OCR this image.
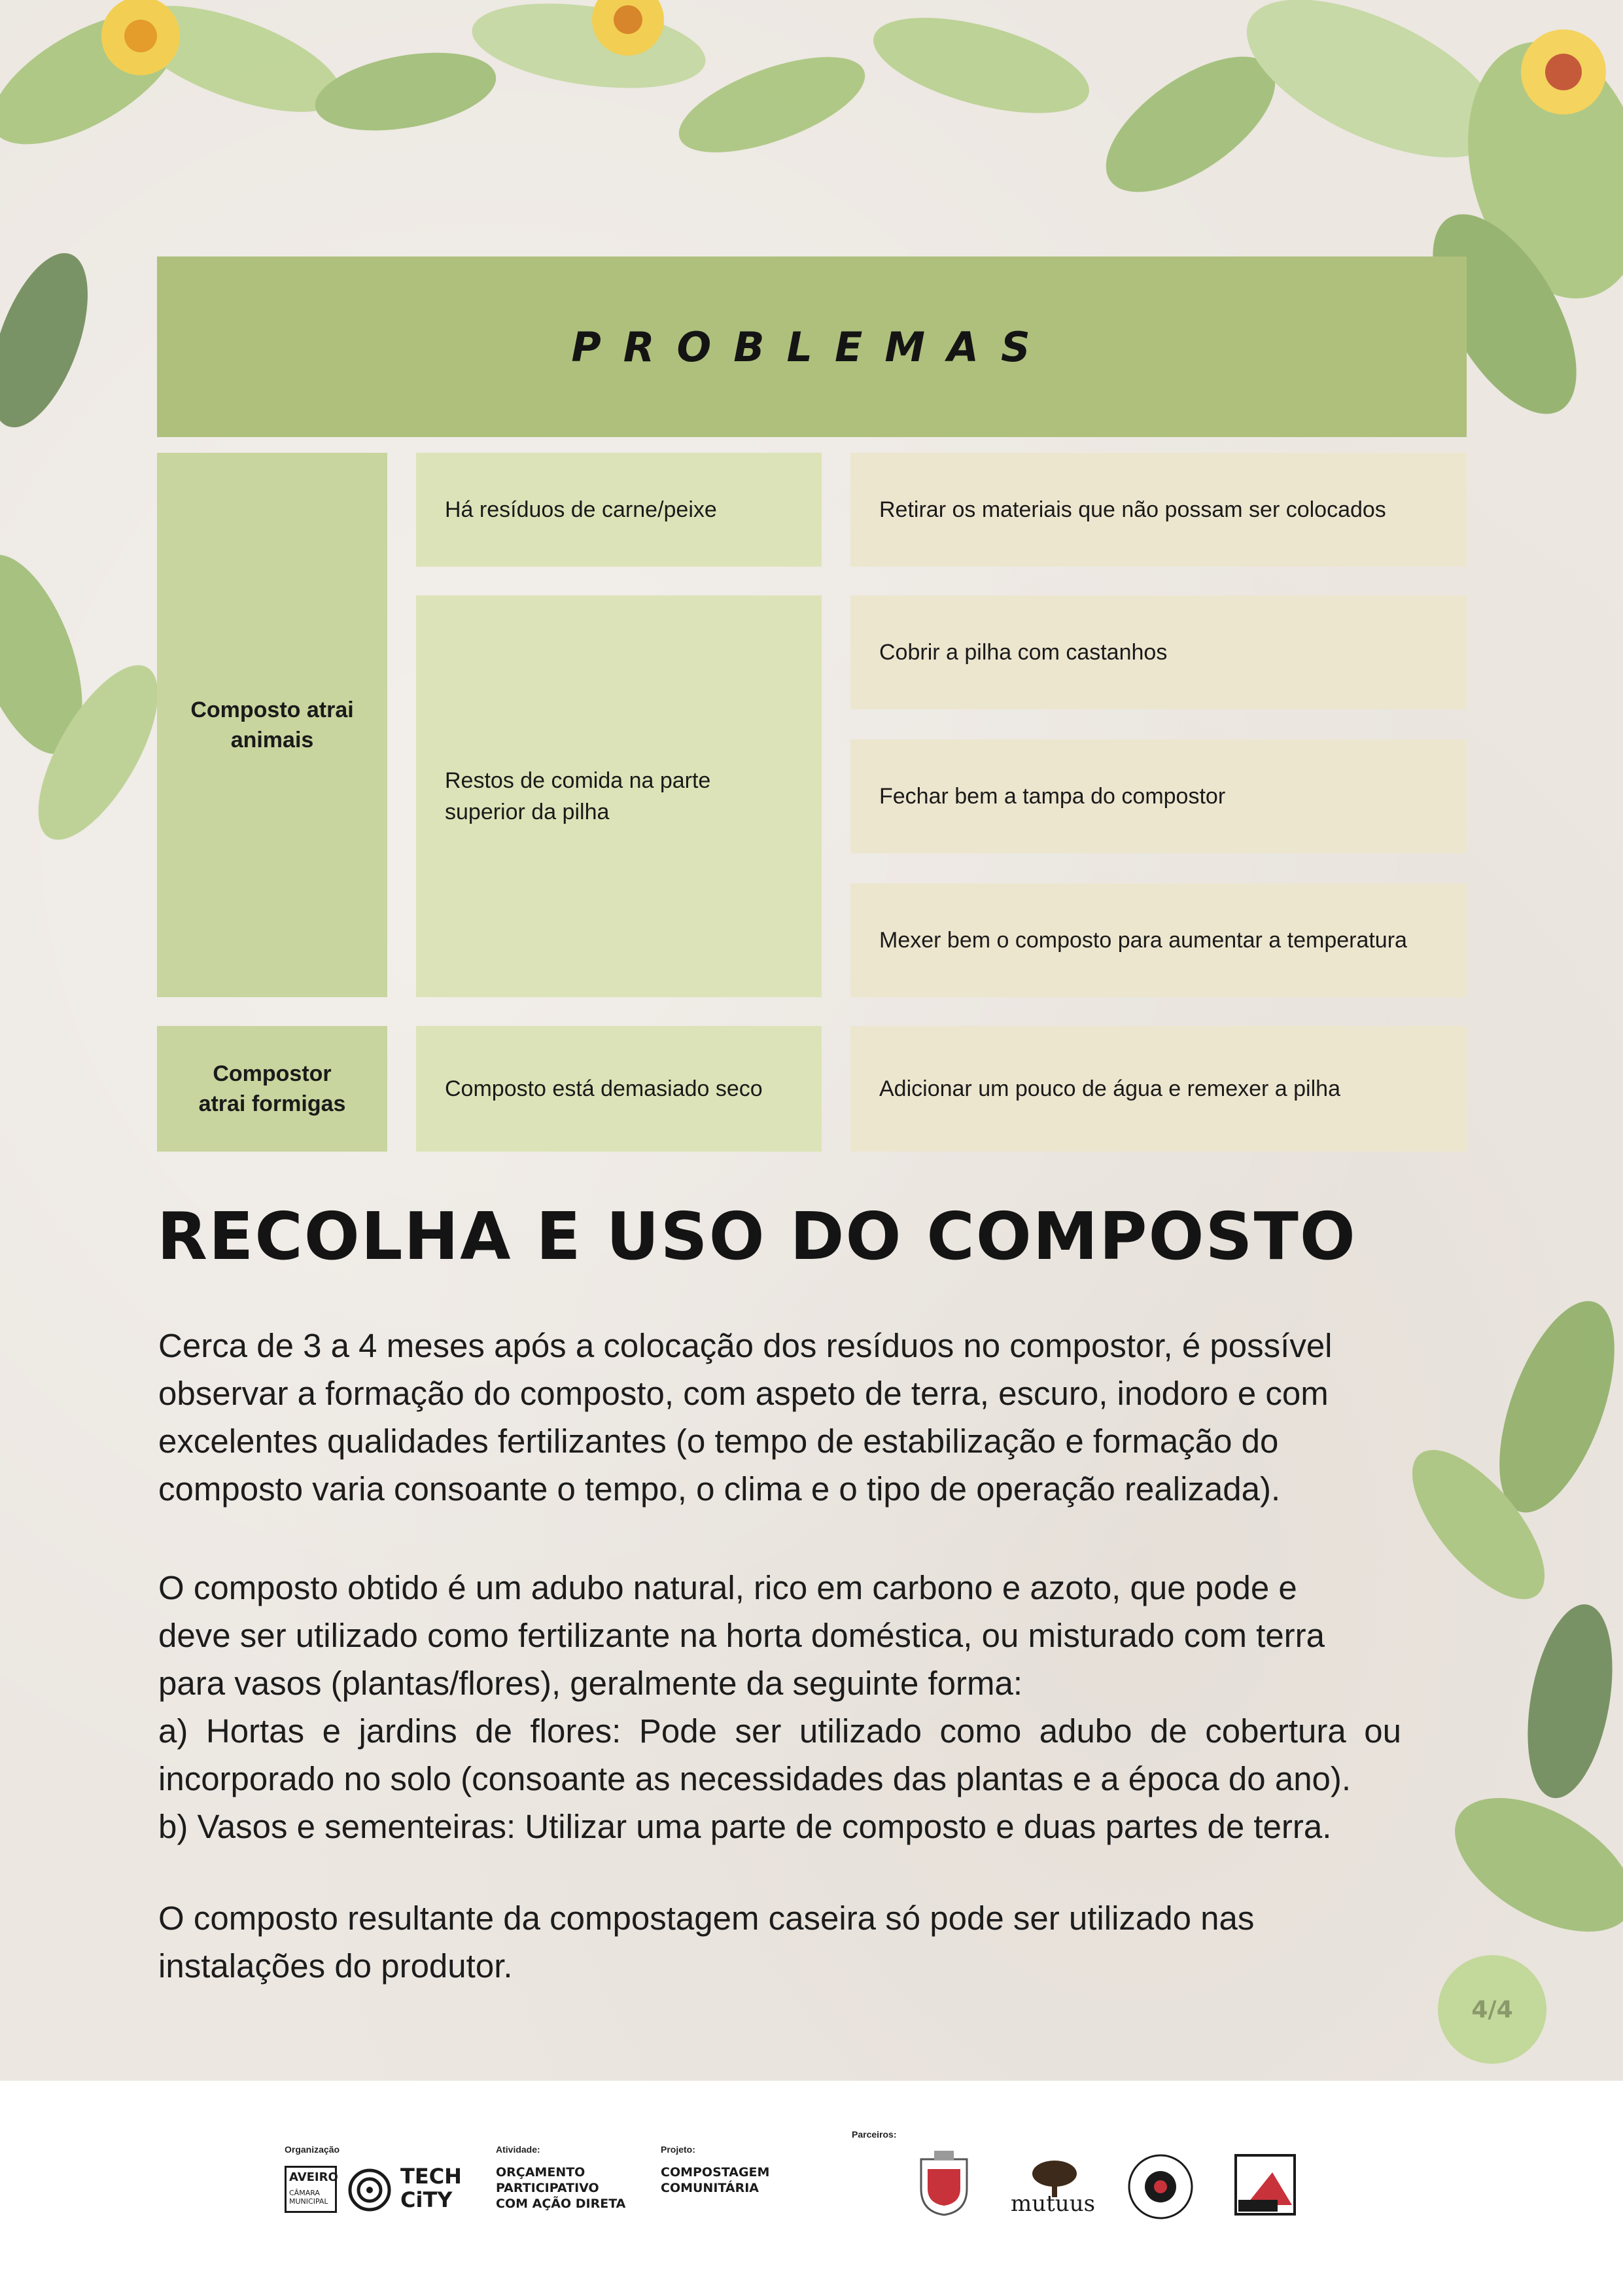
PROBLEMAS
Composto atrai animais
Há resíduos de carne/peixe	Retirar os materiais que não possam ser colocados
Restos de comida na parte superior da pilha
Cobrir a pilha com castanhos
Fechar bem a tampa do compostor
Mexer bem o composto para aumentar a temperatura
Compostor atrai formigas
Composto está demasiado seco	Adicionar um pouco de água e remexer a pilha
RECOLHA E USO DO COMPOSTO

Cerca de 3 a 4 meses após a colocação dos resíduos no compostor, é possível
observar a formação do composto, com aspeto de terra, escuro, inodoro e com
excelentes qualidades fertilizantes (o tempo de estabilização e formação do
composto varia consoante o tempo, o clima e o tipo de operação realizada).

O composto obtido é um adubo natural, rico em carbono e azoto, que pode e
deve ser utilizado como fertilizante na horta doméstica, ou misturado com terra
para vasos (plantas/flores), geralmente da seguinte forma:
a) Hortas e jardins de flores: Pode ser utilizado como adubo de cobertura ou
incorporado no solo (consoante as necessidades das plantas e a época do ano).
b) Vasos e sementeiras: Utilizar uma parte de composto e duas partes de terra.

O composto resultante da compostagem caseira só pode ser utilizado nas
instalações do produtor.

4/4
Organização
AVEIRO
CÂMARA MUNICIPAL
TECH CiTY
Atividade:
ORÇAMENTO
PARTICIPATIVO
COM AÇÃO DIRETA
Projeto:
COMPOSTAGEM
COMUNITÁRIA
Parceiros:
mutuus
